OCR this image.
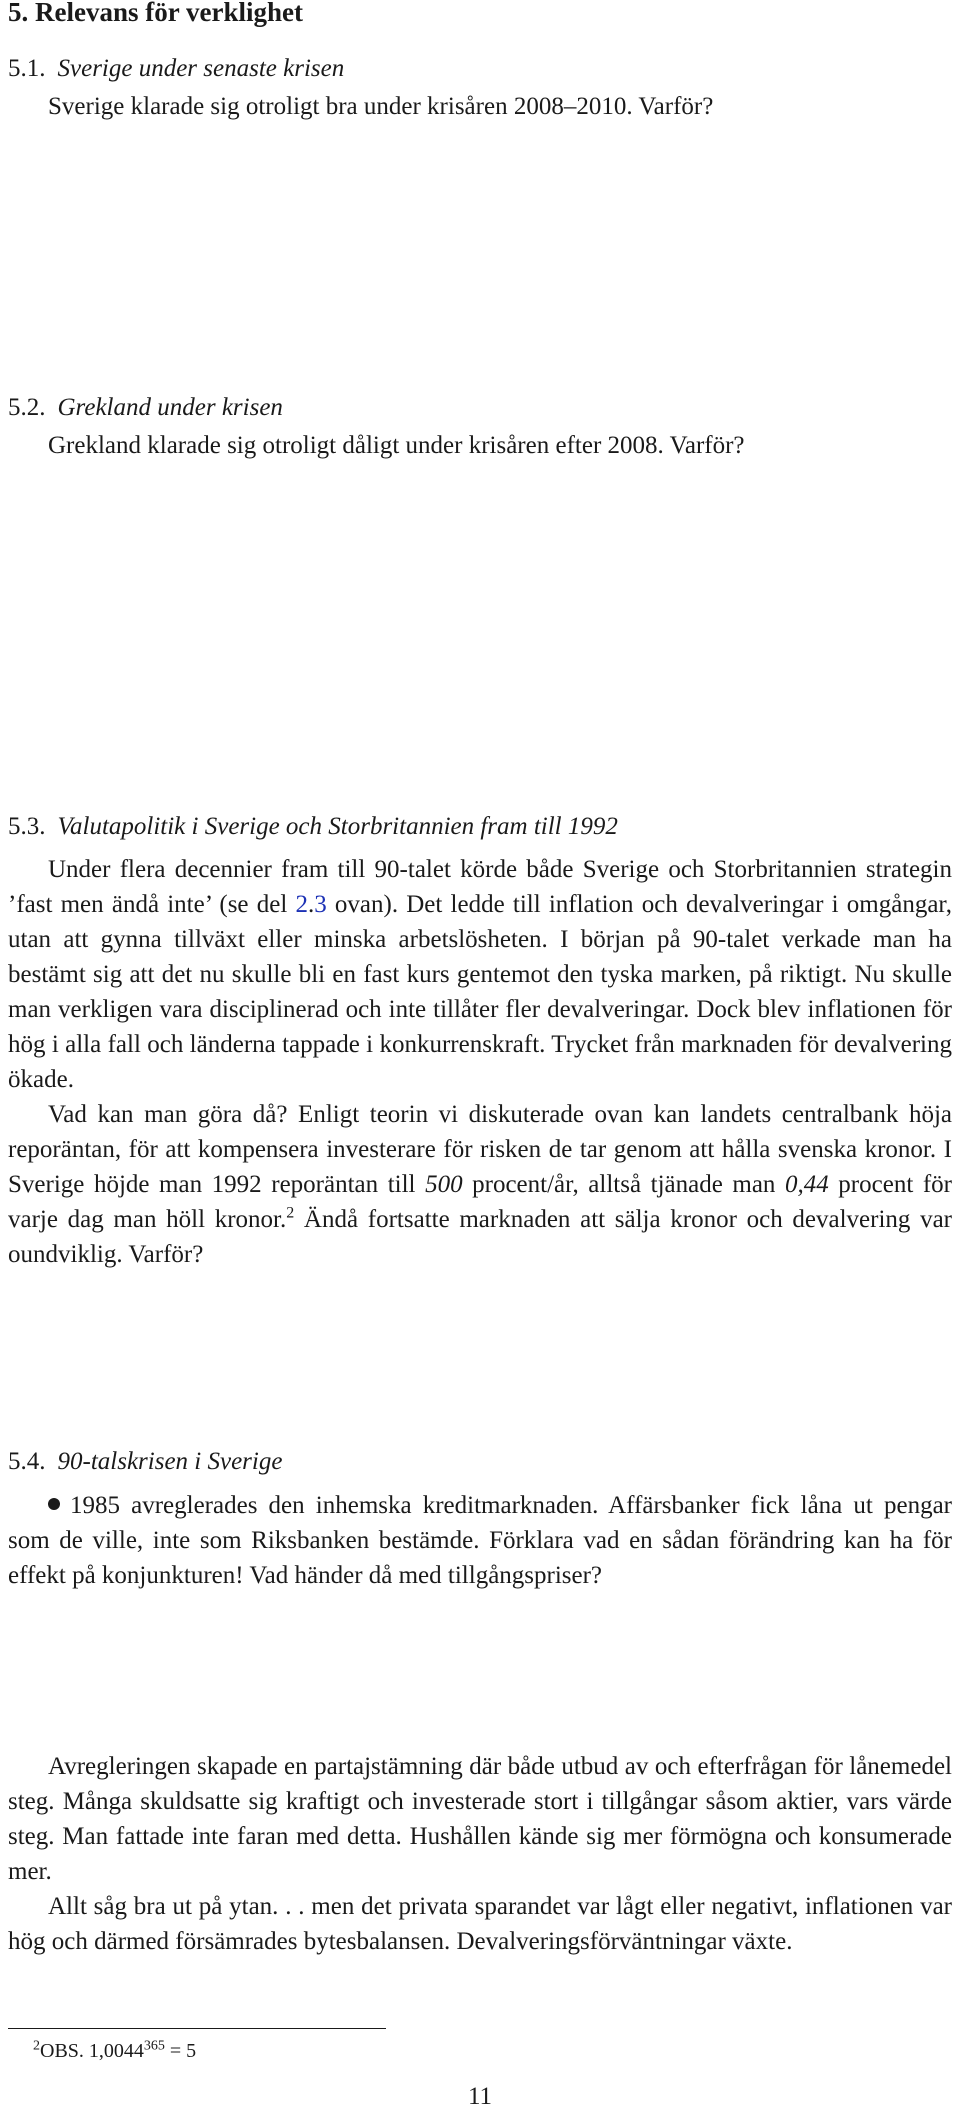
5. Relevans för verklighet
5.1. Sverige under senaste krisen
Sverige klarade sig otroligt bra under krisåren 2008–2010. Varför?
5.2. Grekland under krisen
Grekland klarade sig otroligt dåligt under krisåren efter 2008. Varför?
5.3. Valutapolitik i Sverige och Storbritannien fram till 1992

Under flera decennier fram till 90-talet körde både Sverige och Storbritannien strategin ’fast men ändå inte’ (se del 2.3 ovan). Det ledde till inflation och devalveringar i omgångar, utan att gynna tillväxt eller minska arbetslösheten. I början på 90-talet verkade man ha bestämt sig att det nu skulle bli en fast kurs gentemot den tyska marken, på riktigt. Nu skulle man verkligen vara disciplinerad och inte tillåter fler devalveringar. Dock blev inflationen för hög i alla fall och länderna tappade i konkurrenskraft. Trycket från marknaden för devalvering ökade.

Vad kan man göra då? Enligt teorin vi diskuterade ovan kan landets centralbank höja reporäntan, för att kompensera investerare för risken de tar genom att hålla svenska kronor. I Sverige höjde man 1992 reporäntan till 500 procent/år, alltså tjänade man 0,44 procent för varje dag man höll kronor.$^2$ Ändå fortsatte marknaden att sälja kronor och devalvering var oundviklig. Varför?

5.4. 90-talskrisen i Sverige
1985 avreglerades den inhemska kreditmarknaden. Affärsbanker fick låna ut pengar som de ville, inte som Riksbanken bestämde. Förklara vad en sådan förändring kan ha för effekt på konjunkturen! Vad händer då med tillgångspriser?

Avregleringen skapade en partajstämning där både utbud av och efterfrågan för lånemedel steg. Många skuldsatte sig kraftigt och investerade stort i tillgångar såsom aktier, vars värde steg. Man fattade inte faran med detta. Hushållen kände sig mer förmögna och konsumerade mer.

Allt såg bra ut på ytan. . . men det privata sparandet var lågt eller negativt, inflationen var hög och därmed försämrades bytesbalansen. Devalveringsförväntningar växte.

$^2$OBS. $1,0044^{365} = 5$

11
